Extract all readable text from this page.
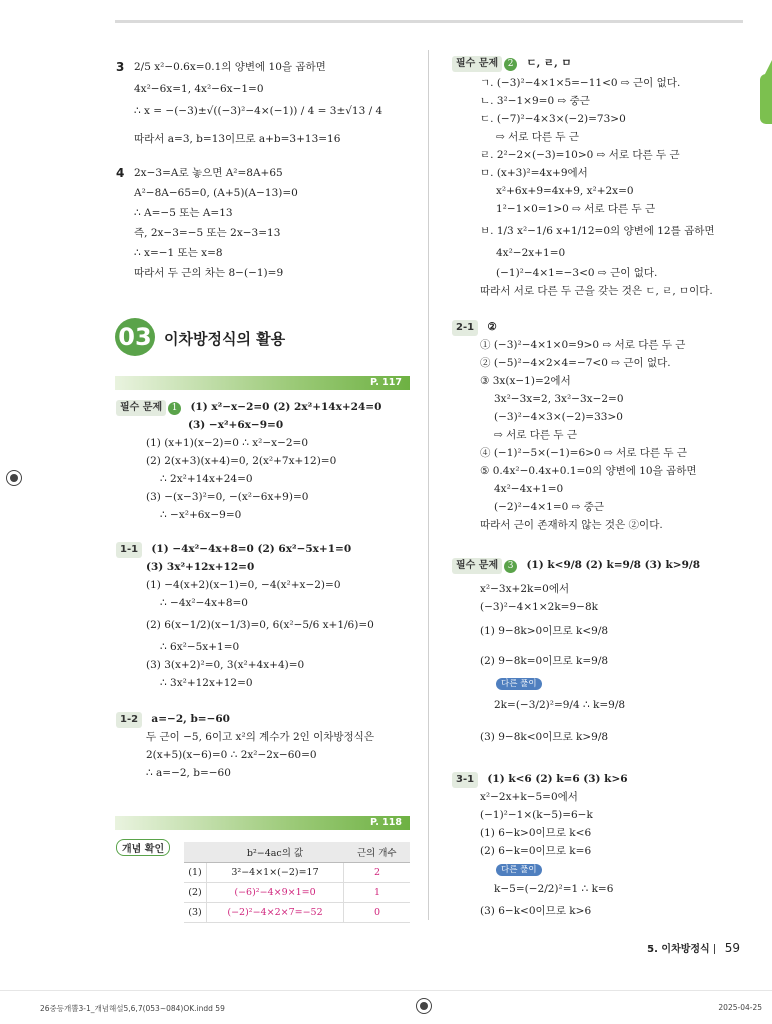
3 2/5 x²−0.6x=0.1의 양변에 10을 곱하면
4x²−6x=1, 4x²−6x−1=0
∴ x = −(−3)±√((−3)²−4×(−1)) / 4 = 3±√13 / 4
따라서 a=3, b=13이므로 a+b=3+13=16
4 2x−3=A로 놓으면 A²=8A+65
A²−8A−65=0, (A+5)(A−13)=0
∴ A=−5 또는 A=13
즉, 2x−3=−5 또는 2x−3=13
∴ x=−1 또는 x=8
따라서 두 근의 차는 8−(−1)=9
03 이차방정식의 활용
P. 117
필수 문제 1 (1) x²−x−2=0 (2) 2x²+14x+24=0
(3) −x²+6x−9=0
(1) (x+1)(x−2)=0 ∴ x²−x−2=0
(2) 2(x+3)(x+4)=0, 2(x²+7x+12)=0
∴ 2x²+14x+24=0
(3) −(x−3)²=0, −(x²−6x+9)=0
∴ −x²+6x−9=0
1-1 (1) −4x²−4x+8=0 (2) 6x²−5x+1=0
(3) 3x²+12x+12=0
(1) −4(x+2)(x−1)=0, −4(x²+x−2)=0
∴ −4x²−4x+8=0
(2) 6(x−1/2)(x−1/3)=0, 6(x²−5/6 x+1/6)=0
∴ 6x²−5x+1=0
(3) 3(x+2)²=0, 3(x²+4x+4)=0
∴ 3x²+12x+12=0
1-2 a=−2, b=−60
두 근이 −5, 6이고 x²의 계수가 2인 이차방정식은
2(x+5)(x−6)=0 ∴ 2x²−2x−60=0
∴ a=−2, b=−60
P. 118
개념 확인
		b²−4ac의 값	근의 개수
(1)	3²−4×1×(−2)=17	2
(2)	(−6)²−4×9×1=0	1
(3)	(−2)²−4×2×7=−52	0
필수 문제 2 ㄷ, ㄹ, ㅁ
ㄱ. (−3)²−4×1×5=−11<0 ⇨ 근이 없다.
ㄴ. 3²−1×9=0 ⇨ 중근
ㄷ. (−7)²−4×3×(−2)=73>0
⇨ 서로 다른 두 근
ㄹ. 2²−2×(−3)=10>0 ⇨ 서로 다른 두 근
ㅁ. (x+3)²=4x+9에서
x²+6x+9=4x+9, x²+2x=0
1²−1×0=1>0 ⇨ 서로 다른 두 근
ㅂ. 1/3 x²−1/6 x+1/12=0의 양변에 12를 곱하면
4x²−2x+1=0
(−1)²−4×1=−3<0 ⇨ 근이 없다.
따라서 서로 다른 두 근을 갖는 것은 ㄷ, ㄹ, ㅁ이다.
2-1 ②
① (−3)²−4×1×0=9>0 ⇨ 서로 다른 두 근
② (−5)²−4×2×4=−7<0 ⇨ 근이 없다.
③ 3x(x−1)=2에서
3x²−3x=2, 3x²−3x−2=0
(−3)²−4×3×(−2)=33>0
⇨ 서로 다른 두 근
④ (−1)²−5×(−1)=6>0 ⇨ 서로 다른 두 근
⑤ 0.4x²−0.4x+0.1=0의 양변에 10을 곱하면
4x²−4x+1=0
(−2)²−4×1=0 ⇨ 중근
따라서 근이 존재하지 않는 것은 ②이다.
필수 문제 3 (1) k<9/8 (2) k=9/8 (3) k>9/8
x²−3x+2k=0에서
(−3)²−4×1×2k=9−8k
(1) 9−8k>0이므로 k<9/8
(2) 9−8k=0이므로 k=9/8
다른 풀이
2k=(−3/2)²=9/4 ∴ k=9/8
(3) 9−8k<0이므로 k>9/8
3-1 (1) k<6 (2) k=6 (3) k>6
x²−2x+k−5=0에서
(−1)²−1×(k−5)=6−k
(1) 6−k>0이므로 k<6
(2) 6−k=0이므로 k=6
다른 풀이
k−5=(−2/2)²=1 ∴ k=6
(3) 6−k<0이므로 k>6
5. 이차방정식 59
26중등개뿔3-1_개념해설5,6,7(053~084)OK.indd 59	2025-04-25
